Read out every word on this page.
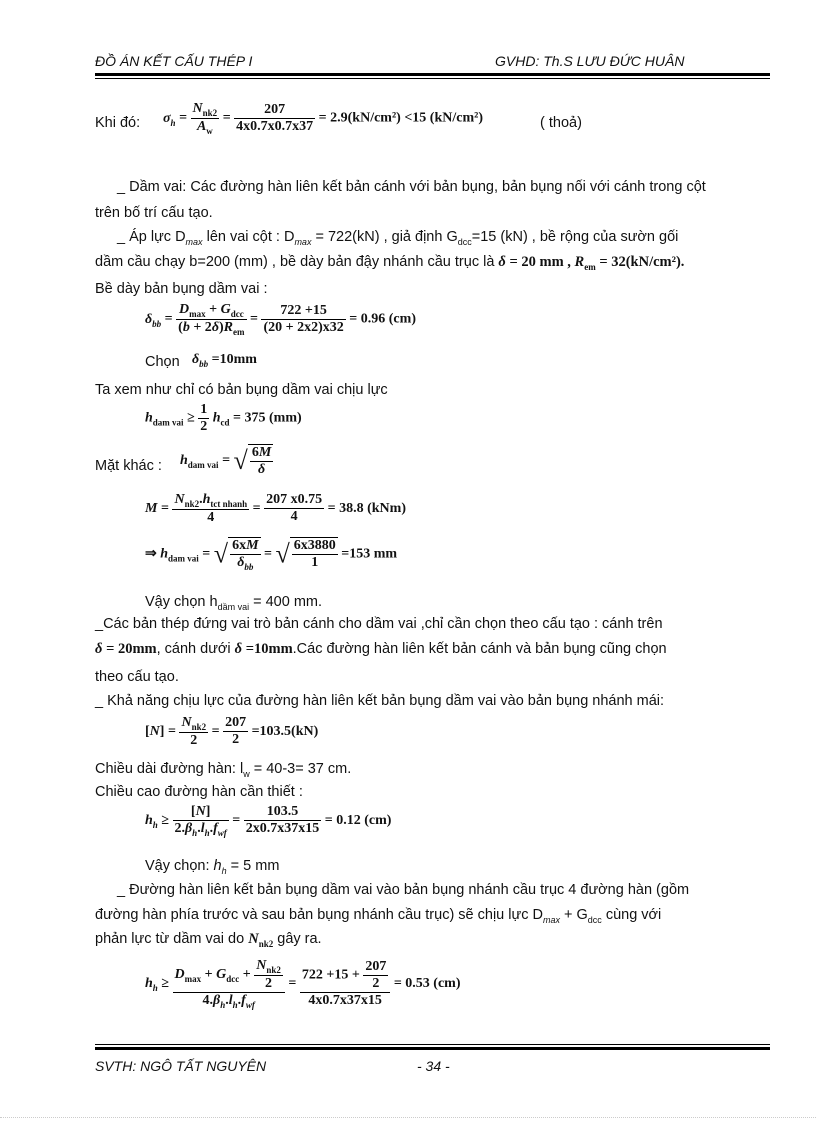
ĐỒ ÁN KẾT CẤU THÉP I	GVHD: Th.S LƯU ĐỨC HUÂN
Khi đó: $\sigma_h = \frac{N_{nk2}}{A_w} = \frac{207}{4x0.7x0.7x37} = 2.9(kN/cm^2) <15$ (kN/cm²)	( thoả)
_ Dầm vai: Các đường hàn liên kết bản cánh với bản bụng, bản bụng nối với cánh trong cột
trên bố trí cấu tạo.
_ Áp lực $D_{max}$ lên vai cột : $D_{max} = 722(kN)$ , giả định $G_{dcc}=15$ (kN) , bề rộng của sườn gối
dầm cầu chạy b=200 (mm) , bề dày bản đậy nhánh cầu trục là δ = 20 mm , $R_{em} = 32(kN/cm^2)$.
Bề dày bản bụng dầm vai :
$\delta_{bb} = \frac{D_{max} + G_{dcc}}{(b + 2\delta)R_{em}} = \frac{722 +15}{(20 + 2x2)x32} = 0.96$ (cm)
Chọn $\delta_{bb} =10mm$
Ta xem như chỉ có bản bụng dầm vai chịu lực
$h_{dam vai} \ge \frac{1}{2} h_{cd} = 375$ (mm)
Mặt khác : $h_{dam vai}$ = √ $\frac{6M}{\delta}$
$M = \frac{N_{nk2}.h_{tct nhanh}}{4} = \frac{207 x0.75}{4} = 38.8$ (kNm)
⇒ $h_{dam vai}$ = √ $\frac{6xM}{\delta_{bb}}$ = √ $\frac{6x3880}{1} =153$ mm
Vậy chọn $h_{dầm vai} = 400$ mm.
_Các bản thép đứng vai trò bản cánh cho dầm vai ,chỉ cần chọn theo cấu tạo : cánh trên
δ = 20mm, cánh dưới δ =10mm.Các đường hàn liên kết bản cánh và bản bụng cũng chọn
theo cấu tạo.
_ Khả năng chịu lực của đường hàn liên kết bản bụng dầm vai vào bản bụng nhánh mái:
$[N] = \frac{N_{nk2}}{2} = \frac{207}{2} =103.5(kN)$
Chiều dài đường hàn: $l_w = 40-3= 37$ cm.
Chiều cao đường hàn cần thiết :
$h_h \ge \frac{[N]}{2.\beta_h.l_h.f_{wf}} = \frac{103.5}{2x0.7x37x15} = 0.12$ (cm)
Vậy chọn: $h_h = 5$ mm
_ Đường hàn liên kết bản bụng dầm vai vào bản bụng nhánh cầu trục 4 đường hàn (gồm
đường hàn phía trước và sau bản bụng nhánh cầu trục) sẽ chịu lực $D_{max} + G_{dcc}$ cùng với
phản lực từ dầm vai do $N_{nk2}$ gây ra.
$h_h \ge \frac{D_{max} + G_{dcc} + \frac{N_{nk2}}{2}}{4.\beta_h.l_h.f_{wf}} = \frac{722 +15 + \frac{207}{2}}{4x0.7x37x15} = 0.53$ (cm)
SVTH: NGÔ TẤT NGUYÊN	- 34 -
